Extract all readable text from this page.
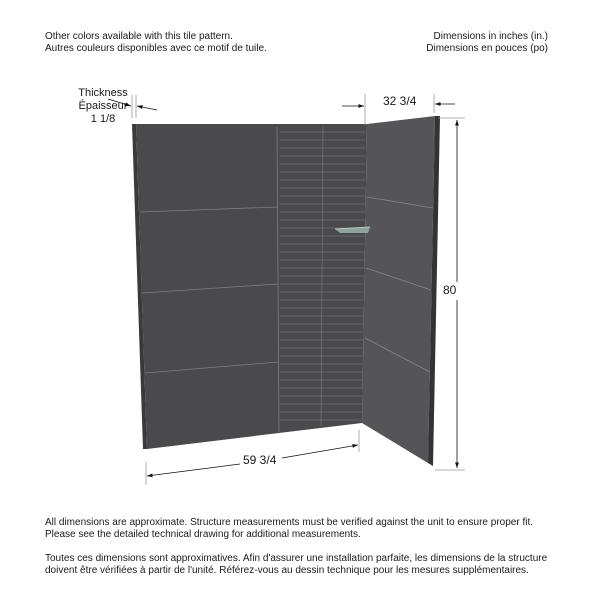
Other colors available with this tile pattern.
Autres couleurs disponibles avec ce motif de tuile.
Dimensions in inches (in.)
Dimensions en pouces (po)
Thickness
Épaisseur
1 1/8
32 3/4
80
59 3/4

All dimensions are approximate. Structure measurements must be verified against the unit to ensure proper fit.
Please see the detailed technical drawing for additional measurements.

Toutes ces dimensions sont approximatives. Afin d'assurer une installation parfaite, les dimensions de la structure
doivent être vérifiées à partir de l'unité. Référez-vous au dessin technique pour les mesures supplémentaires.
